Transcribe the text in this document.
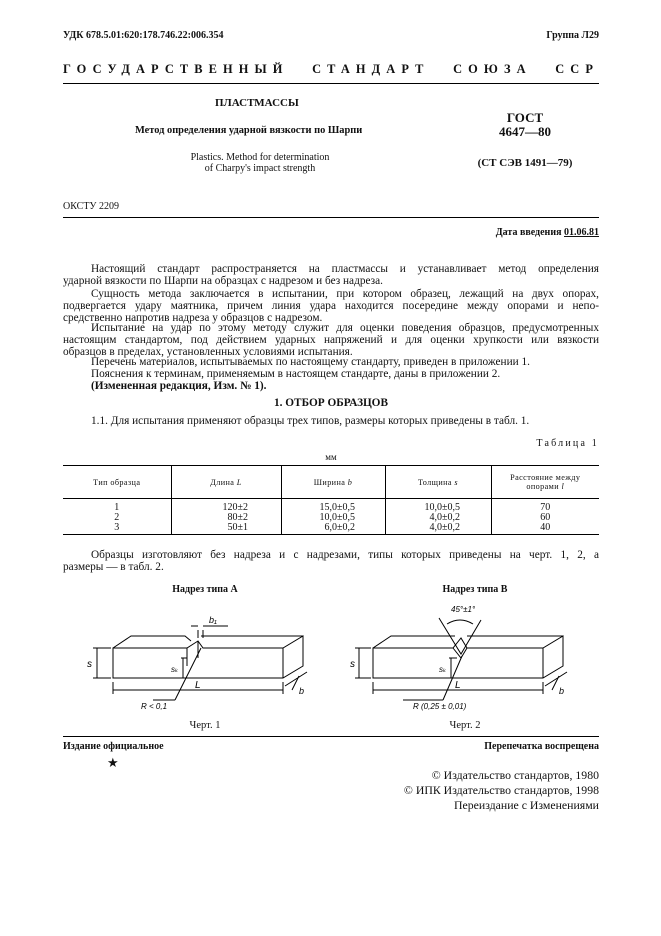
УДК 678.5.01:620:178.746.22:006.354	Группа Л29
ГОСУДАРСТВЕННЫЙ СТАНДАРТ СОЮЗА ССР
ПЛАСТМАССЫ
Метод определения ударной вязкости по Шарпи
Plastics. Method for determination
of Charpy's impact strength
ГОСТ
4647—80
(СТ СЭВ 1491—79)
ОКСТУ 2209
Дата введения 01.06.81
Настоящий стандарт распространяется на пластмассы и устанавливает метод определения
ударной вязкости по Шарпи на образцах с надрезом и без надреза.
Сущность метода заключается в испытании, при котором образец, лежащий на двух опорах,
подвергается удару маятника, причем линия удара находится посередине между опорами и непо-
средственно напротив надреза у образцов с надрезом.
Испытание на удар по этому методу служит для оценки поведения образцов, предусмотренных
настоящим стандартом, под действием ударных напряжений и для оценки хрупкости или вязкости
образцов в пределах, установленных условиями испытания.
Перечень материалов, испытываемых по настоящему стандарту, приведен в приложении 1.
Пояснения к терминам, применяемым в настоящем стандарте, даны в приложении 2.
(Измененная редакция, Изм. № 1).
1. ОТБОР ОБРАЗЦОВ
1.1. Для испытания применяют образцы трех типов, размеры которых приведены в табл. 1.
Таблица 1
мм
Тип образца	Длина L	Ширина b	Толщина s	Расстояние между
опорами l
1	120±2	15,0±0,5	10,0±0,5	70
2	80±2	10,0±0,5	4,0±0,2	60
3	50±1	6,0±0,2	4,0±0,2	40
Образцы изготовляют без надреза и с надрезами, типы которых приведены на черт. 1, 2, а
размеры — в табл. 2.
Надрез типа А	Надрез типа В
b₁
s	sₖ
L	b
R < 0,1
45°±1°
s	sₖ
L	b
R (0,25 ± 0,01)
Черт. 1	Черт. 2
Издание официальное	Перепечатка воспрещена
★
© Издательство стандартов, 1980
© ИПК Издательство стандартов, 1998
Переиздание с Изменениями
